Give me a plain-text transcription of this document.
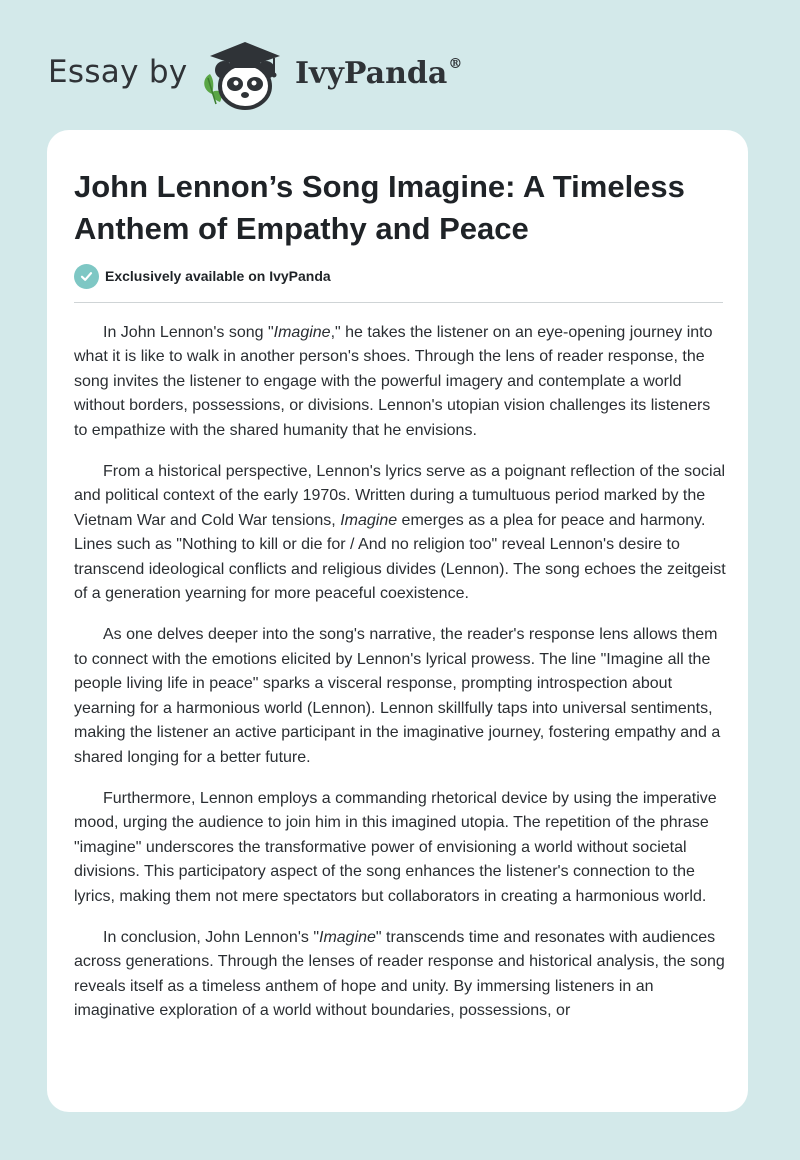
Essay by	IvyPanda®
John Lennon’s Song Imagine: A Timeless Anthem of Empathy and Peace
Exclusively available on IvyPanda

In John Lennon's song "Imagine," he takes the listener on an eye-opening journey into what it is like to walk in another person's shoes. Through the lens of reader response, the song invites the listener to engage with the powerful imagery and contemplate a world without borders, possessions, or divisions. Lennon's utopian vision challenges its listeners to empathize with the shared humanity that he envisions.

From a historical perspective, Lennon's lyrics serve as a poignant reflection of the social and political context of the early 1970s. Written during a tumultuous period marked by the Vietnam War and Cold War tensions, Imagine emerges as a plea for peace and harmony. Lines such as "Nothing to kill or die for / And no religion too" reveal Lennon's desire to transcend ideological conflicts and religious divides (Lennon). The song echoes the zeitgeist of a generation yearning for more peaceful coexistence.

As one delves deeper into the song's narrative, the reader's response lens allows them to connect with the emotions elicited by Lennon's lyrical prowess. The line "Imagine all the people living life in peace" sparks a visceral response, prompting introspection about yearning for a harmonious world (Lennon). Lennon skillfully taps into universal sentiments, making the listener an active participant in the imaginative journey, fostering empathy and a shared longing for a better future.

Furthermore, Lennon employs a commanding rhetorical device by using the imperative mood, urging the audience to join him in this imagined utopia. The repetition of the phrase "imagine" underscores the transformative power of envisioning a world without societal divisions. This participatory aspect of the song enhances the listener's connection to the lyrics, making them not mere spectators but collaborators in creating a harmonious world.

In conclusion, John Lennon's "Imagine" transcends time and resonates with audiences across generations. Through the lenses of reader response and historical analysis, the song reveals itself as a timeless anthem of hope and unity. By immersing listeners in an imaginative exploration of a world without boundaries, possessions, or
